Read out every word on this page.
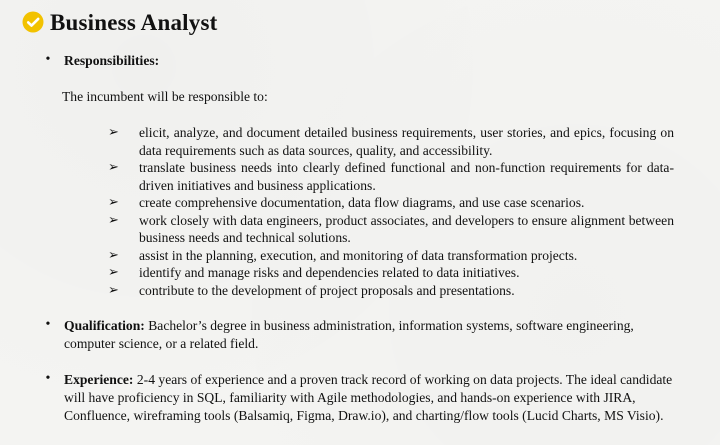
Business Analyst
• Responsibilities:
The incumbent will be responsible to:
➢	elicit, analyze, and document detailed business requirements, user stories, and epics, focusing on data requirements such as data sources, quality, and accessibility.
➢	translate business needs into clearly defined functional and non-function requirements for data-driven initiatives and business applications.
➢	create comprehensive documentation, data flow diagrams, and use case scenarios.
➢	work closely with data engineers, product associates, and developers to ensure alignment between business needs and technical solutions.
➢	assist in the planning, execution, and monitoring of data transformation projects.
➢	identify and manage risks and dependencies related to data initiatives.
➢	contribute to the development of project proposals and presentations.
• Qualification: Bachelor’s degree in business administration, information systems, software engineering, computer science, or a related field.
• Experience: 2-4 years of experience and a proven track record of working on data projects. The ideal candidate will have proficiency in SQL, familiarity with Agile methodologies, and hands-on experience with JIRA, Confluence, wireframing tools (Balsamiq, Figma, Draw.io), and charting/flow tools (Lucid Charts, MS Visio).
